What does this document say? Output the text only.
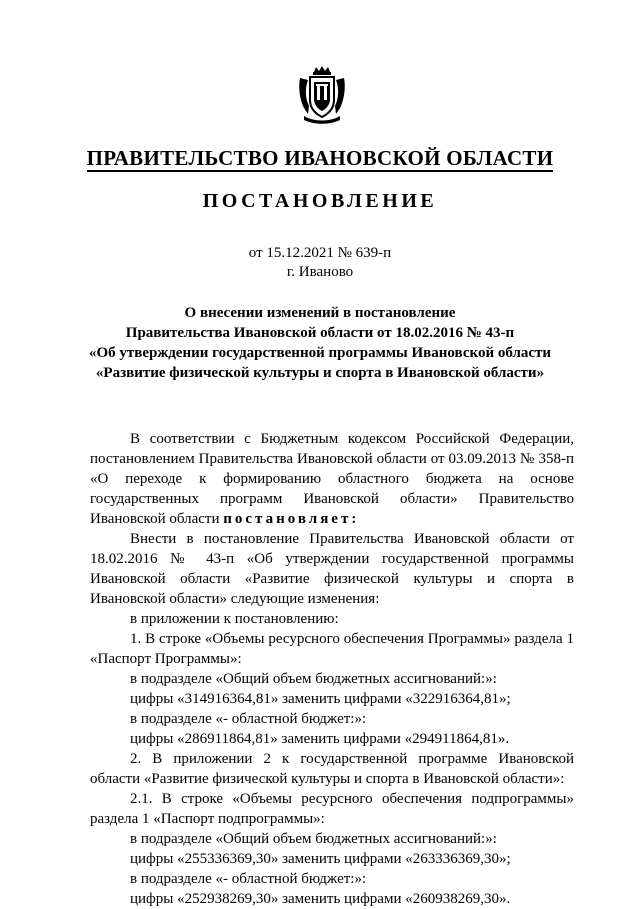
ПРАВИТЕЛЬСТВО ИВАНОВСКОЙ ОБЛАСТИ
ПОСТАНОВЛЕНИЕ
от 15.12.2021 № 639-п
г. Иваново
О внесении изменений в постановление
Правительства Ивановской области от 18.02.2016 № 43-п
«Об утверждении государственной программы Ивановской области
«Развитие физической культуры и спорта в Ивановской области»

В соответствии с Бюджетным кодексом Российской Федерации, постановлением Правительства Ивановской области от 03.09.2013 № 358-п «О переходе к формированию областного бюджета на основе государственных программ Ивановской области» Правительство Ивановской области постановляет:

Внести в постановление Правительства Ивановской области от 18.02.2016 № 43-п «Об утверждении государственной программы Ивановской области «Развитие физической культуры и спорта в Ивановской области» следующие изменения:

в приложении к постановлению:

1. В строке «Объемы ресурсного обеспечения Программы» раздела 1 «Паспорт Программы»:

в подразделе «Общий объем бюджетных ассигнований:»:

цифры «314916364,81» заменить цифрами «322916364,81»;

в подразделе «- областной бюджет:»:

цифры «286911864,81» заменить цифрами «294911864,81».

2. В приложении 2 к государственной программе Ивановской области «Развитие физической культуры и спорта в Ивановской области»:

2.1. В строке «Объемы ресурсного обеспечения подпрограммы» раздела 1 «Паспорт подпрограммы»:

в подразделе «Общий объем бюджетных ассигнований:»:

цифры «255336369,30» заменить цифрами «263336369,30»;

в подразделе «- областной бюджет:»:

цифры «252938269,30» заменить цифрами «260938269,30».
